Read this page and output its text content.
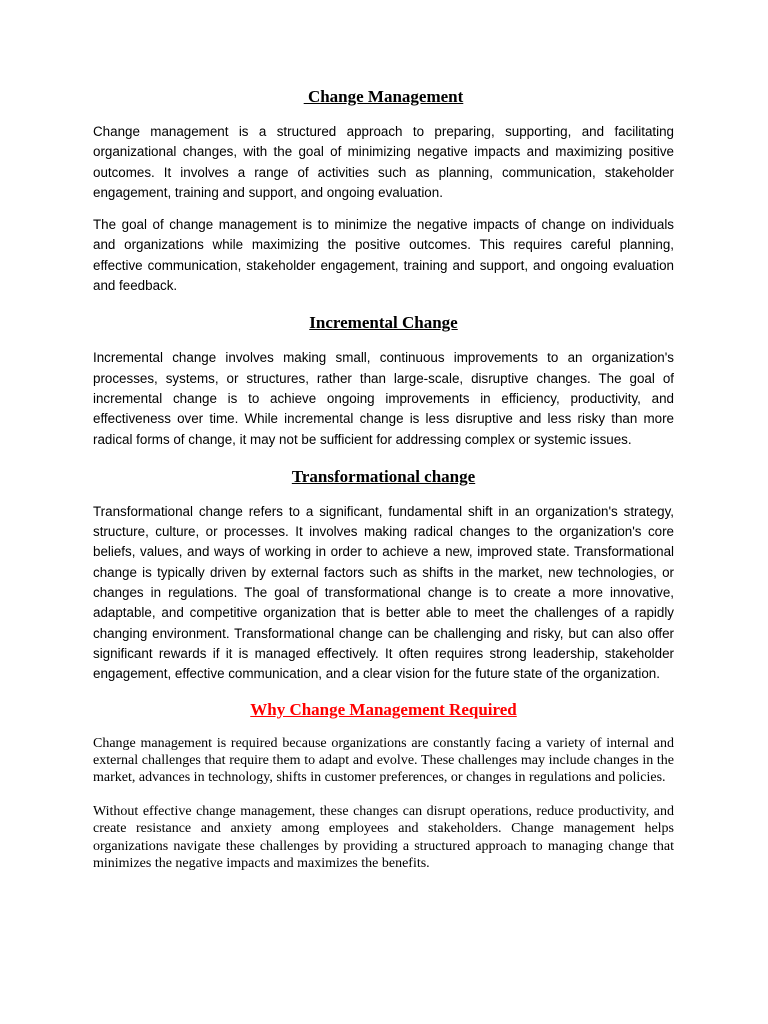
Change Management

Change management is a structured approach to preparing, supporting, and facilitating organizational changes, with the goal of minimizing negative impacts and maximizing positive outcomes. It involves a range of activities such as planning, communication, stakeholder engagement, training and support, and ongoing evaluation.

The goal of change management is to minimize the negative impacts of change on individuals and organizations while maximizing the positive outcomes. This requires careful planning, effective communication, stakeholder engagement, training and support, and ongoing evaluation and feedback.

Incremental Change

Incremental change involves making small, continuous improvements to an organization's processes, systems, or structures, rather than large-scale, disruptive changes. The goal of incremental change is to achieve ongoing improvements in efficiency, productivity, and effectiveness over time. While incremental change is less disruptive and less risky than more radical forms of change, it may not be sufficient for addressing complex or systemic issues.

Transformational change

Transformational change refers to a significant, fundamental shift in an organization's strategy, structure, culture, or processes. It involves making radical changes to the organization's core beliefs, values, and ways of working in order to achieve a new, improved state. Transformational change is typically driven by external factors such as shifts in the market, new technologies, or changes in regulations. The goal of transformational change is to create a more innovative, adaptable, and competitive organization that is better able to meet the challenges of a rapidly changing environment. Transformational change can be challenging and risky, but can also offer significant rewards if it is managed effectively. It often requires strong leadership, stakeholder engagement, effective communication, and a clear vision for the future state of the organization.

Why Change Management Required

Change management is required because organizations are constantly facing a variety of internal and external challenges that require them to adapt and evolve. These challenges may include changes in the market, advances in technology, shifts in customer preferences, or changes in regulations and policies.

Without effective change management, these changes can disrupt operations, reduce productivity, and create resistance and anxiety among employees and stakeholders. Change management helps organizations navigate these challenges by providing a structured approach to managing change that minimizes the negative impacts and maximizes the benefits.
